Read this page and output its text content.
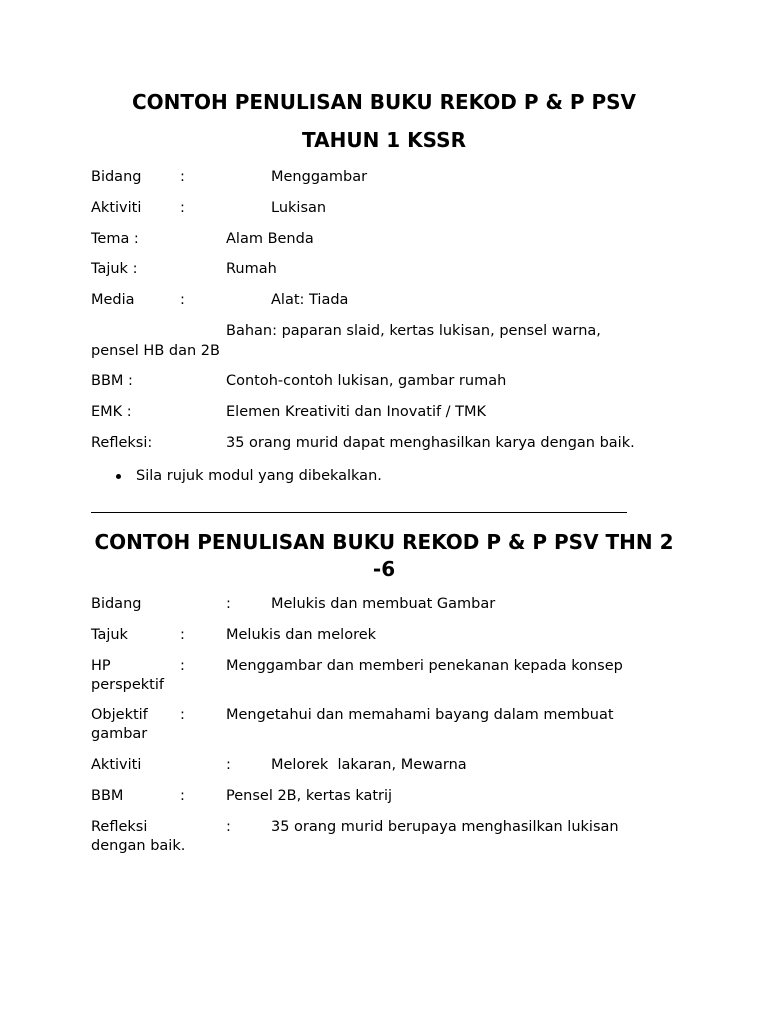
CONTOH PENULISAN BUKU REKOD P & P PSV
TAHUN 1 KSSR
Bidang	:	Menggambar
Aktiviti	:	Lukisan
Tema :	Alam Benda
Tajuk :	Rumah
Media	:	Alat: Tiada
Bahan: paparan slaid, kertas lukisan, pensel warna,
pensel HB dan 2B
BBM :	Contoh-contoh lukisan, gambar rumah
EMK :	Elemen Kreativiti dan Inovatif / TMK
Refleksi:	35 orang murid dapat menghasilkan karya dengan baik.
Sila rujuk modul yang dibekalkan.
CONTOH PENULISAN BUKU REKOD P & P PSV THN 2
-6
Bidang	:	Melukis dan membuat Gambar
Tajuk	:	Melukis dan melorek
HP	:	Menggambar dan memberi penekanan kepada konsep
perspektif
Objektif :	Mengetahui dan memahami bayang dalam membuat
gambar
Aktiviti	:	Melorek  lakaran, Mewarna
BBM	:	Pensel 2B, kertas katrij
Refleksi	:	35 orang murid berupaya menghasilkan lukisan
dengan baik.
